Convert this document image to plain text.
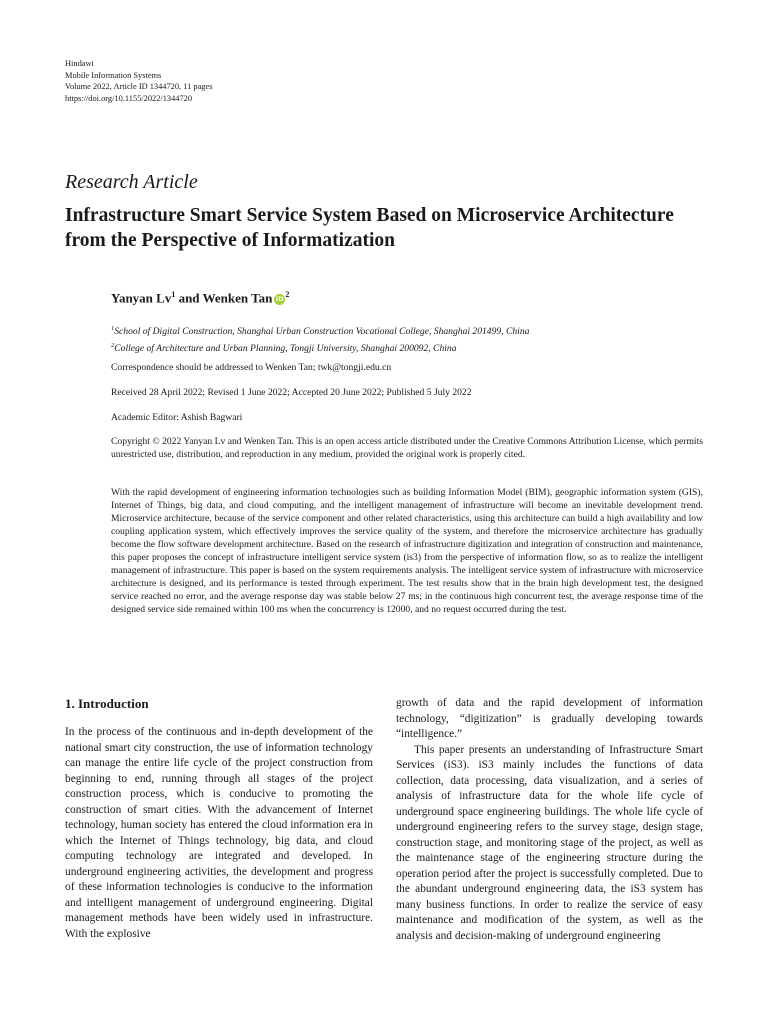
Hindawi
Mobile Information Systems
Volume 2022, Article ID 1344720, 11 pages
https://doi.org/10.1155/2022/1344720
Research Article
Infrastructure Smart Service System Based on Microservice Architecture from the Perspective of Informatization
Yanyan Lv$^1$ and Wenken Tan iD $^2$
$^1$School of Digital Construction, Shanghai Urban Construction Vocational College, Shanghai 201499, China
$^2$College of Architecture and Urban Planning, Tongji University, Shanghai 200092, China
Correspondence should be addressed to Wenken Tan; twk@tongji.edu.cn
Received 28 April 2022; Revised 1 June 2022; Accepted 20 June 2022; Published 5 July 2022
Academic Editor: Ashish Bagwari
Copyright © 2022 Yanyan Lv and Wenken Tan. This is an open access article distributed under the Creative Commons Attribution License, which permits unrestricted use, distribution, and reproduction in any medium, provided the original work is properly cited.
With the rapid development of engineering information technologies such as building Information Model (BIM), geographic information system (GIS), Internet of Things, big data, and cloud computing, and the intelligent management of infrastructure will become an inevitable development trend. Microservice architecture, because of the service component and other related characteristics, using this architecture can build a high availability and low coupling application system, which effectively improves the service quality of the system, and therefore the microservice architecture has gradually become the flow software development architecture. Based on the research of infrastructure digitization and integration of construction and maintenance, this paper proposes the concept of infrastructure intelligent service system (is3) from the perspective of information flow, so as to realize the intelligent management of infrastructure. This paper is based on the system requirements analysis. The intelligent service system of infrastructure with microservice architecture is designed, and its performance is tested through experiment. The test results show that in the brain high development test, the designed service reached no error, and the average response day was stable below 27 ms; in the continuous high concurrent test, the average response time of the designed service side remained within 100 ms when the concurrency is 12000, and no request occurred during the test.
1. Introduction

In the process of the continuous and in-depth development of the national smart city construction, the use of information technology can manage the entire life cycle of the project construction from beginning to end, running through all stages of the project construction process, which is conducive to promoting the construction of smart cities. With the advancement of Internet technology, human society has entered the cloud information era in which the Internet of Things technology, big data, and cloud computing technology are integrated and developed. In underground engineering activities, the development and progress of these information technologies is conducive to the information and intelligent management of underground engineering. Digital management methods have been widely used in infrastructure. With the explosive

growth of data and the rapid development of information technology, “digitization” is gradually developing towards “intelligence.”

This paper presents an understanding of Infrastructure Smart Services (iS3). iS3 mainly includes the functions of data collection, data processing, data visualization, and a series of analysis of infrastructure data for the whole life cycle of underground space engineering buildings. The whole life cycle of underground engineering refers to the survey stage, design stage, construction stage, and monitoring stage of the project, as well as the maintenance stage of the engineering structure during the operation period after the project is successfully completed. Due to the abundant underground engineering data, the iS3 system has many business functions. In order to realize the service of easy maintenance and modification of the system, as well as the analysis and decision-making of underground engineering
